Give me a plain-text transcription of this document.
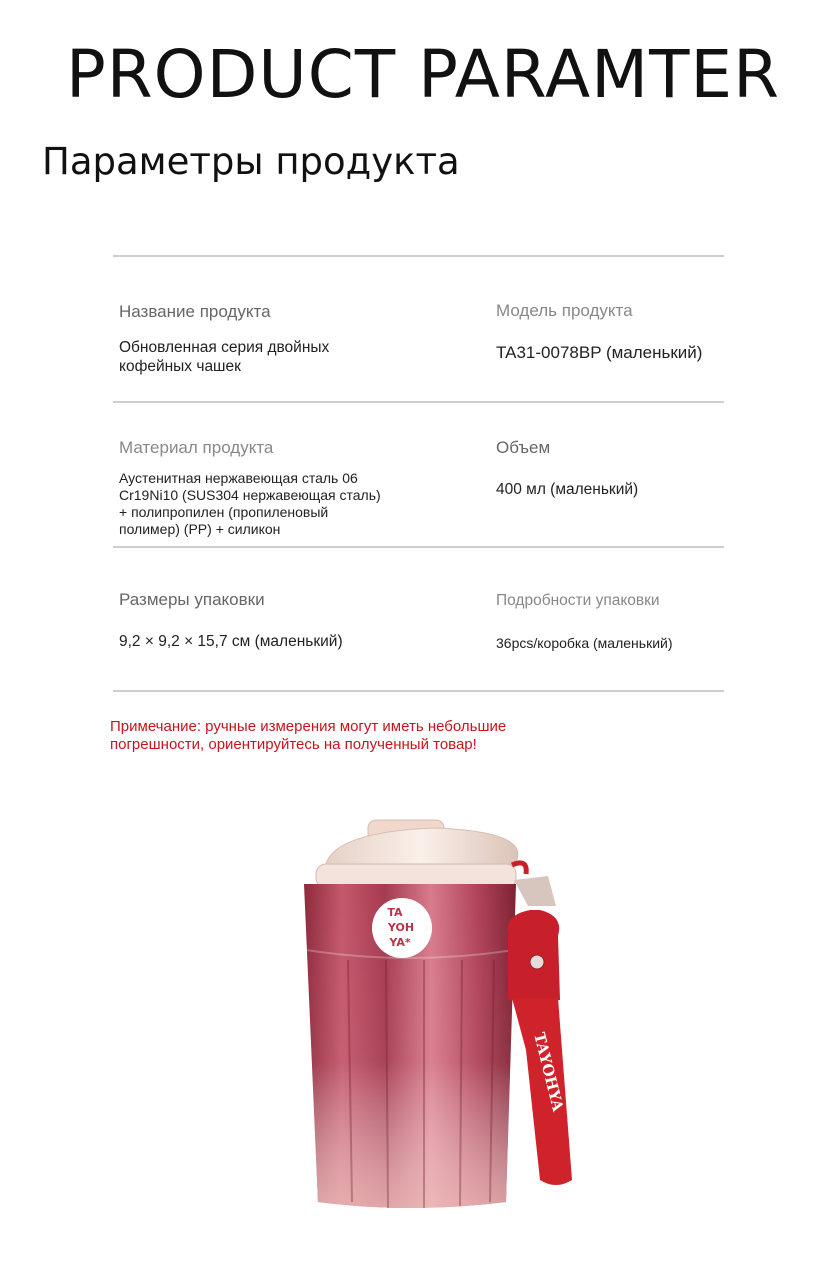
PRODUCT PARAMTER
Параметры продукта
Название продукта
Обновленная серия двойных
кофейных чашек
Модель продукта
TA31-0078BP (маленький)
Материал продукта
Аустенитная нержавеющая сталь 06
Cr19Ni10 (SUS304 нержавеющая сталь)
+ полипропилен (пропиленовый
полимер) (PP) + силикон
Объем
400 мл (маленький)
Размеры упаковки
9,2 × 9,2 × 15,7 см (маленький)
Подробности упаковки
36pcs/коробка (маленький)
Примечание: ручные измерения могут иметь небольшие
погрешности, ориентируйтесь на полученный товар!
TA
YOH
YA*
TAYOHYA
